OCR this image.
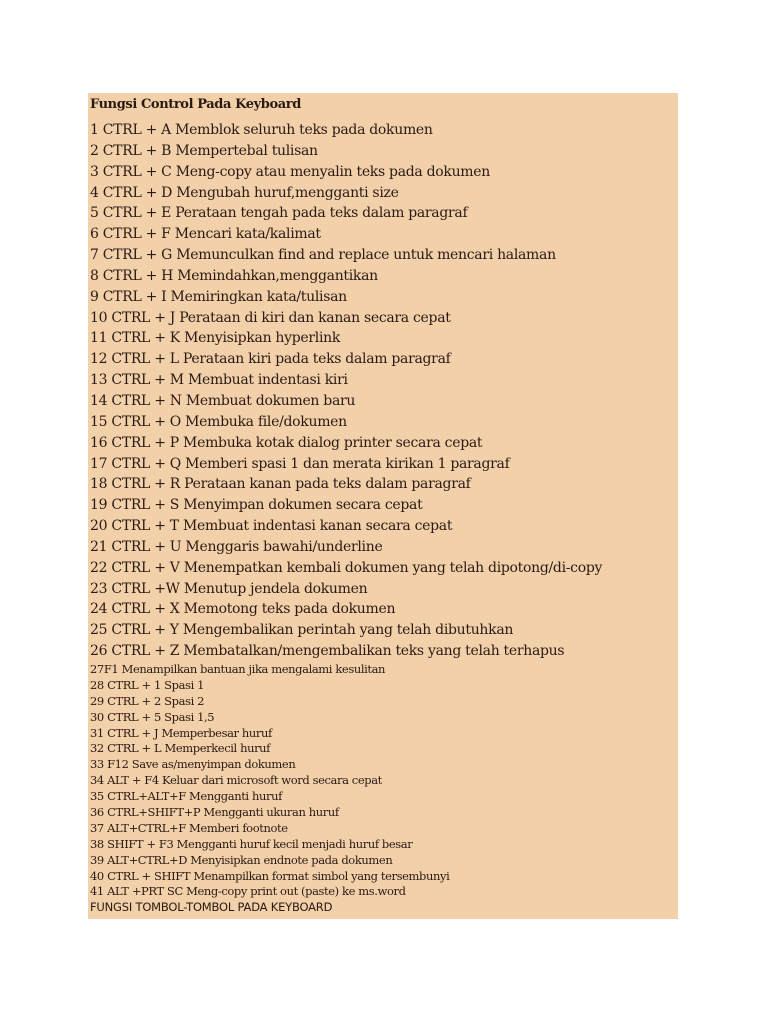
Fungsi Control Pada Keyboard
1 CTRL + A Memblok seluruh teks pada dokumen
2 CTRL + B Mempertebal tulisan
3 CTRL + C Meng-copy atau menyalin teks pada dokumen
4 CTRL + D Mengubah huruf,mengganti size
5 CTRL + E Perataan tengah pada teks dalam paragraf
6 CTRL + F Mencari kata/kalimat
7 CTRL + G Memunculkan find and replace untuk mencari halaman
8 CTRL + H Memindahkan,menggantikan
9 CTRL + I Memiringkan kata/tulisan
10 CTRL + J Perataan di kiri dan kanan secara cepat
11 CTRL + K Menyisipkan hyperlink
12 CTRL + L Perataan kiri pada teks dalam paragraf
13 CTRL + M Membuat indentasi kiri
14 CTRL + N Membuat dokumen baru
15 CTRL + O Membuka file/dokumen
16 CTRL + P Membuka kotak dialog printer secara cepat
17 CTRL + Q Memberi spasi 1 dan merata kirikan 1 paragraf
18 CTRL + R Perataan kanan pada teks dalam paragraf
19 CTRL + S Menyimpan dokumen secara cepat
20 CTRL + T Membuat indentasi kanan secara cepat
21 CTRL + U Menggaris bawahi/underline
22 CTRL + V Menempatkan kembali dokumen yang telah dipotong/di-copy
23 CTRL +W Menutup jendela dokumen
24 CTRL + X Memotong teks pada dokumen
25 CTRL + Y Mengembalikan perintah yang telah dibutuhkan
26 CTRL + Z Membatalkan/mengembalikan teks yang telah terhapus
27F1 Menampilkan bantuan jika mengalami kesulitan
28 CTRL + 1 Spasi 1
29 CTRL + 2 Spasi 2
30 CTRL + 5 Spasi 1,5
31 CTRL + J Memperbesar huruf
32 CTRL + L Memperkecil huruf
33 F12 Save as/menyimpan dokumen
34 ALT + F4 Keluar dari microsoft word secara cepat
35 CTRL+ALT+F Mengganti huruf
36 CTRL+SHIFT+P Mengganti ukuran huruf
37 ALT+CTRL+F Memberi footnote
38 SHIFT + F3 Mengganti huruf kecil menjadi huruf besar
39 ALT+CTRL+D Menyisipkan endnote pada dokumen
40 CTRL + SHIFT Menampilkan format simbol yang tersembunyi
41 ALT +PRT SC Meng-copy print out (paste) ke ms.word
FUNGSI TOMBOL-TOMBOL PADA KEYBOARD
